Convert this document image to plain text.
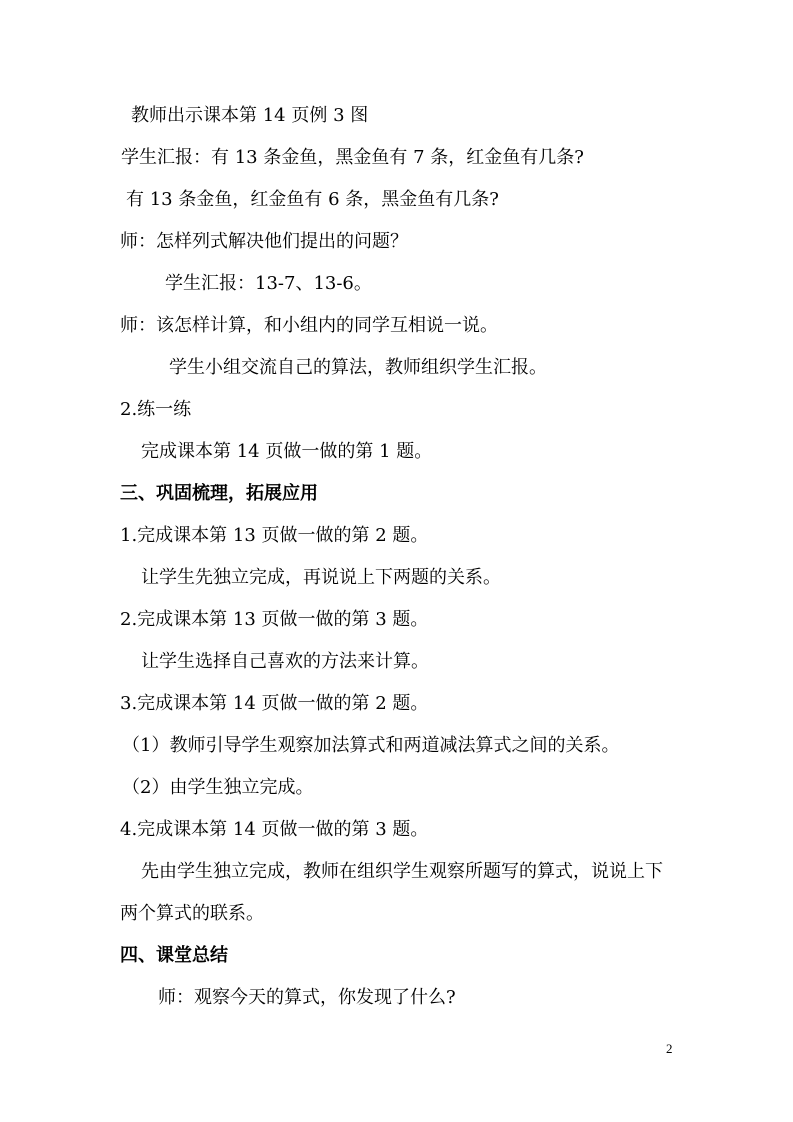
教师出示课本第 14 页例 3 图
学生汇报：有 13 条金鱼，黑金鱼有 7 条，红金鱼有几条?
有 13 条金鱼，红金鱼有 6 条，黑金鱼有几条?
师：怎样列式解决他们提出的问题？
学生汇报：13-7、13-6。
师：该怎样计算，和小组内的同学互相说一说。
学生小组交流自己的算法，教师组织学生汇报。
2.练一练
完成课本第 14 页做一做的第 1 题。
三、巩固梳理，拓展应用
1.完成课本第 13 页做一做的第 2 题。
让学生先独立完成，再说说上下两题的关系。
2.完成课本第 13 页做一做的第 3 题。
让学生选择自己喜欢的方法来计算。
3.完成课本第 14 页做一做的第 2 题。
（1）教师引导学生观察加法算式和两道减法算式之间的关系。
（2）由学生独立完成。
4.完成课本第 14 页做一做的第 3 题。
先由学生独立完成，教师在组织学生观察所题写的算式，说说上下
两个算式的联系。
四、课堂总结
师：观察今天的算式，你发现了什么?
2
